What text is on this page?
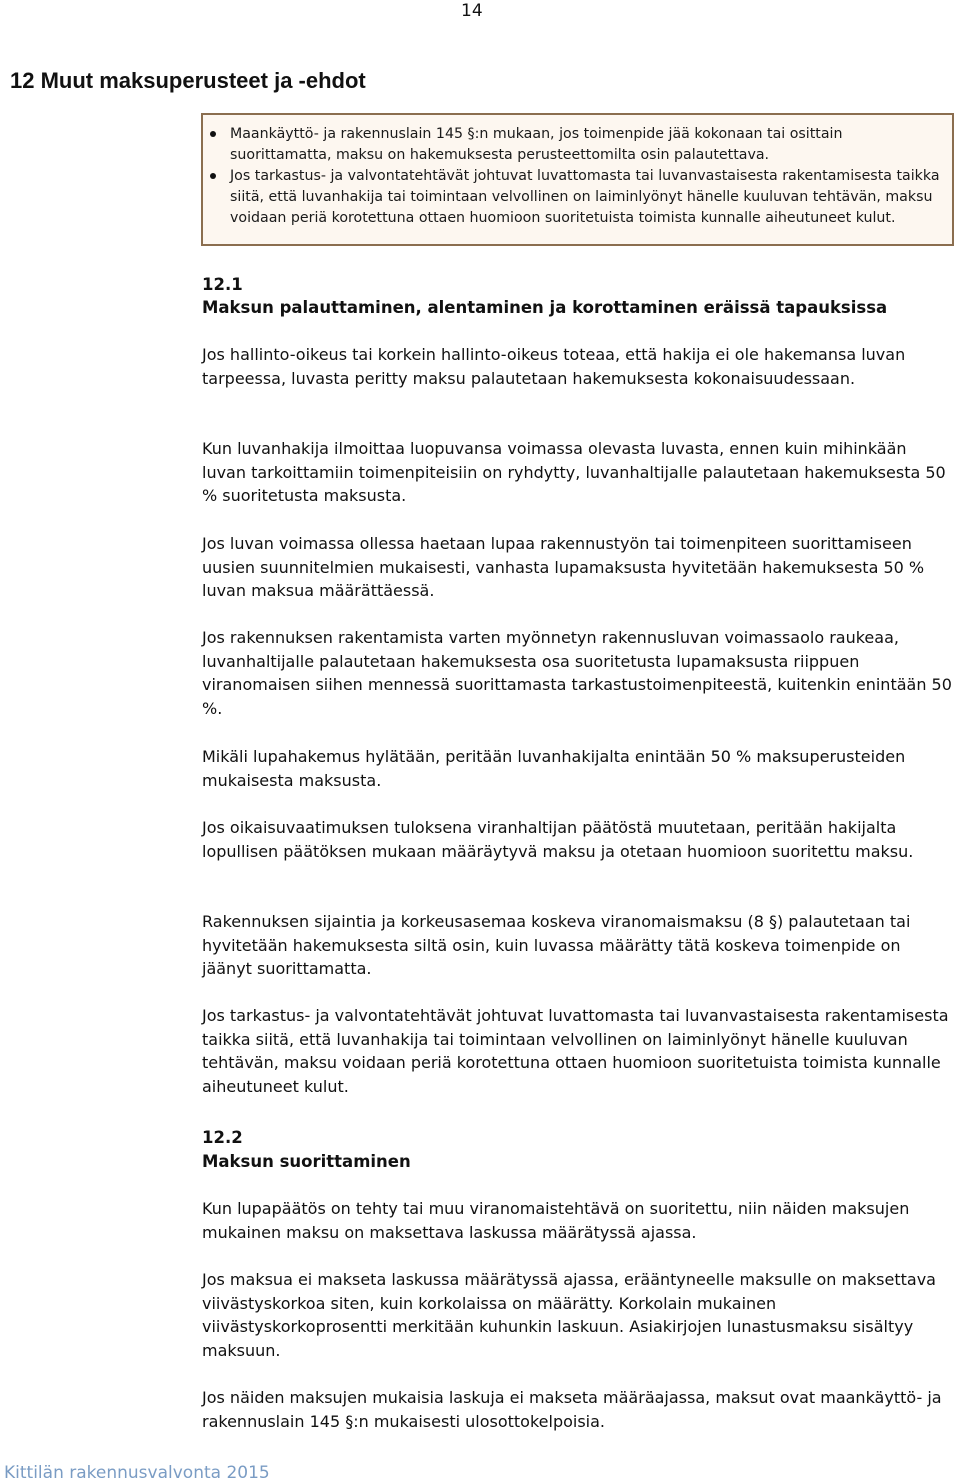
14
12 Muut maksuperusteet ja -ehdot
Maankäyttö- ja rakennuslain 145 §:n mukaan, jos toimenpide jää kokonaan tai osittain suorittamatta, maksu on hakemuksesta perusteettomilta osin palautettava.
Jos tarkastus- ja valvontatehtävät johtuvat luvattomasta tai luvanvastaisesta rakentamisesta taikka siitä, että luvanhakija tai toimintaan velvollinen on laiminlyönyt hänelle kuuluvan tehtävän, maksu voidaan periä korotettuna ottaen huomioon suoritetuista toimista kunnalle aiheutuneet kulut.
12.1
Maksun palauttaminen, alentaminen ja korottaminen eräissä tapauksissa

Jos hallinto-oikeus tai korkein hallinto-oikeus toteaa, että hakija ei ole hakemansa luvan tarpeessa, luvasta peritty maksu palautetaan hakemuksesta kokonaisuudessaan.

Kun luvanhakija ilmoittaa luopuvansa voimassa olevasta luvasta, ennen kuin mihinkään luvan tarkoittamiin toimenpiteisiin on ryhdytty, luvanhaltijalle palautetaan hakemuksesta 50 % suoritetusta maksusta.

Jos luvan voimassa ollessa haetaan lupaa rakennustyön tai toimenpiteen suorittamiseen uusien suunnitelmien mukaisesti, vanhasta lupamaksusta hyvitetään hakemuksesta 50 % luvan maksua määrättäessä.

Jos rakennuksen rakentamista varten myönnetyn rakennusluvan voimassaolo raukeaa, luvanhaltijalle palautetaan hakemuksesta osa suoritetusta lupamaksusta riippuen viranomaisen siihen mennessä suorittamasta tarkastustoimenpiteestä, kuitenkin enintään 50 %.

Mikäli lupahakemus hylätään, peritään luvanhakijalta enintään 50 % maksuperusteiden mukaisesta maksusta.

Jos oikaisuvaatimuksen tuloksena viranhaltijan päätöstä muutetaan, peritään hakijalta lopullisen päätöksen mukaan määräytyvä maksu ja otetaan huomioon suoritettu maksu.

Rakennuksen sijaintia ja korkeusasemaa koskeva viranomaismaksu (8 §) palautetaan tai hyvitetään hakemuksesta siltä osin, kuin luvassa määrätty tätä koskeva toimenpide on jäänyt suorittamatta.

Jos tarkastus- ja valvontatehtävät johtuvat luvattomasta tai luvanvastaisesta rakentamisesta taikka siitä, että luvanhakija tai toimintaan velvollinen on laiminlyönyt hänelle kuuluvan tehtävän, maksu voidaan periä korotettuna ottaen huomioon suoritetuista toimista kunnalle aiheutuneet kulut.

12.2
Maksun suorittaminen

Kun lupapäätös on tehty tai muu viranomaistehtävä on suoritettu, niin näiden maksujen mukainen maksu on maksettava laskussa määrätyssä ajassa.

Jos maksua ei makseta laskussa määrätyssä ajassa, erääntyneelle maksulle on maksettava viivästyskorkoa siten, kuin korkolaissa on määrätty. Korkolain mukainen viivästyskorkoprosentti merkitään kuhunkin laskuun. Asiakirjojen lunastusmaksu sisältyy maksuun.

Jos näiden maksujen mukaisia laskuja ei makseta määräajassa, maksut ovat maankäyttö- ja rakennuslain 145 §:n mukaisesti ulosottokelpoisia.

Kittilän rakennusvalvonta 2015
